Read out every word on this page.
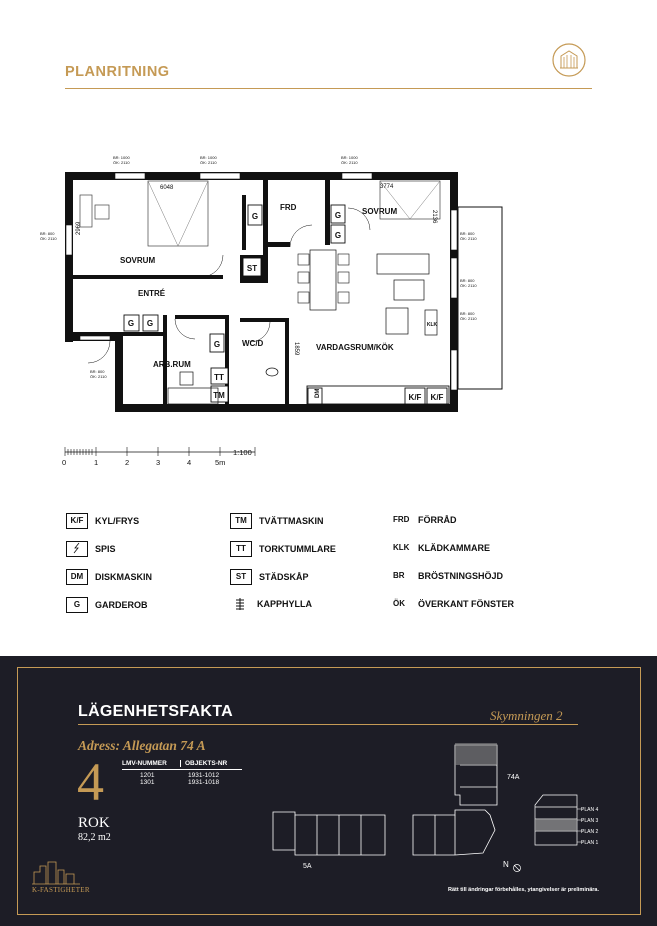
PLANRITNING
SOVRUM
FRD	SOVRUM
ENTRÉ
ARB.RUM
WC/D	VARDAGSRUM/KÖK
G	G
G
G G
G
ST
TT
TM	K/F K/F
KLK
DM
6048	3774
2969
2136
1859
BR: 1000
ÖK: 2110
BR: 1000
ÖK: 2110
BR: 1000
ÖK: 2110
BR: 800
ÖK: 2110
BR: 800
ÖK: 2110
BR: 800
ÖK: 2110
BR: 800
ÖK: 2110
BR: 800
ÖK: 2110
0	1	2	3	4	5m
1:100
K/F KYL/FRYS
SPIS
DM DISKMASKIN
G GARDEROB
TM TVÄTTMASKIN
TT TORKTUMMLARE
ST STÄDSKÅP
KAPPHYLLA
FRD FÖRRÅD
KLK KLÄDKAMMARE
BR BRÖSTNINGSHÖJD
ÖK ÖVERKANT FÖNSTER
LÄGENHETSFAKTA	Skymningen 2
Adress: Allegatan 74 A
4
ROK
82,2 m2
LMV-NUMMER	OBJEKTS-NR
1201	1931-1012
1301	1931-1018
PLAN 4
PLAN 3
PLAN 2
PLAN 1
74A
5A	N
Rätt till ändringar förbehålles, ytangivelser är preliminära.
K-FASTIGHETER
